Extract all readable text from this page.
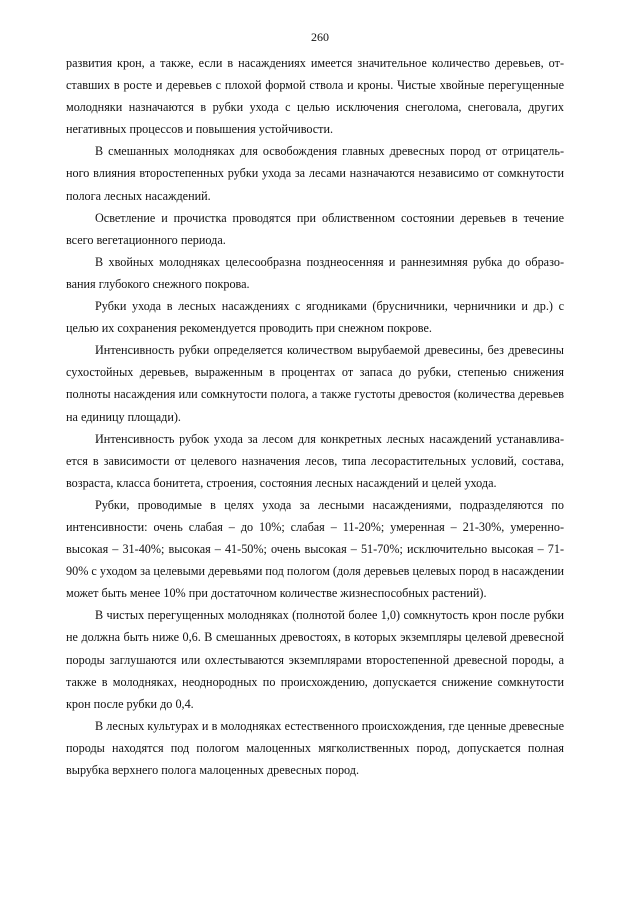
260

развития крон, а также, если в насаждениях имеется значительное количество деревьев, отставших в росте и деревьев с плохой формой ствола и кроны. Чистые хвойные перегущенные молодняки назначаются в рубки ухода с целью исключения снеголома, снеговала, других негативных процессов и повышения устойчивости.

В смешанных молодняках для освобождения главных древесных пород от отрицательного влияния второстепенных рубки ухода за лесами назначаются независимо от сомкнутости полога лесных насаждений.

Осветление и прочистка проводятся при облиственном состоянии деревьев в течение всего вегетационного периода.

В хвойных молодняках целесообразна позднеосенняя и раннезимняя рубка до образования глубокого снежного покрова.

Рубки ухода в лесных насаждениях с ягодниками (брусничники, черничники и др.) с целью их сохранения рекомендуется проводить при снежном покрове.

Интенсивность рубки определяется количеством вырубаемой древесины, без древесины сухостойных деревьев, выраженным в процентах от запаса до рубки, степенью снижения полноты насаждения или сомкнутости полога, а также густоты древостоя (количества деревьев на единицу площади).

Интенсивность рубок ухода за лесом для конкретных лесных насаждений устанавливается в зависимости от целевого назначения лесов, типа лесорастительных условий, состава, возраста, класса бонитета, строения, состояния лесных насаждений и целей ухода.

Рубки, проводимые в целях ухода за лесными насаждениями, подразделяются по интенсивности: очень слабая – до 10%; слабая – 11-20%; умеренная – 21-30%, умеренновысокая – 31-40%; высокая – 41-50%; очень высокая – 51-70%; исключительно высокая – 7190% с уходом за целевыми деревьями под пологом (доля деревьев целевых пород в насаждении может быть менее 10% при достаточном количестве жизнеспособных растений).

В чистых перегущенных молодняках (полнотой более 1,0) сомкнутость крон после рубки не должна быть ниже 0,6. В смешанных древостоях, в которых экземпляры целевой древесной породы заглушаются или охлестываются экземплярами второстепенной древесной породы, а также в молодняках, неоднородных по происхождению, допускается снижение сомкнутости крон после рубки до 0,4.

В лесных культурах и в молодняках естественного происхождения, где ценные древесные породы находятся под пологом малоценных мягколиственных пород, допускается полная вырубка верхнего полога малоценных древесных пород.
